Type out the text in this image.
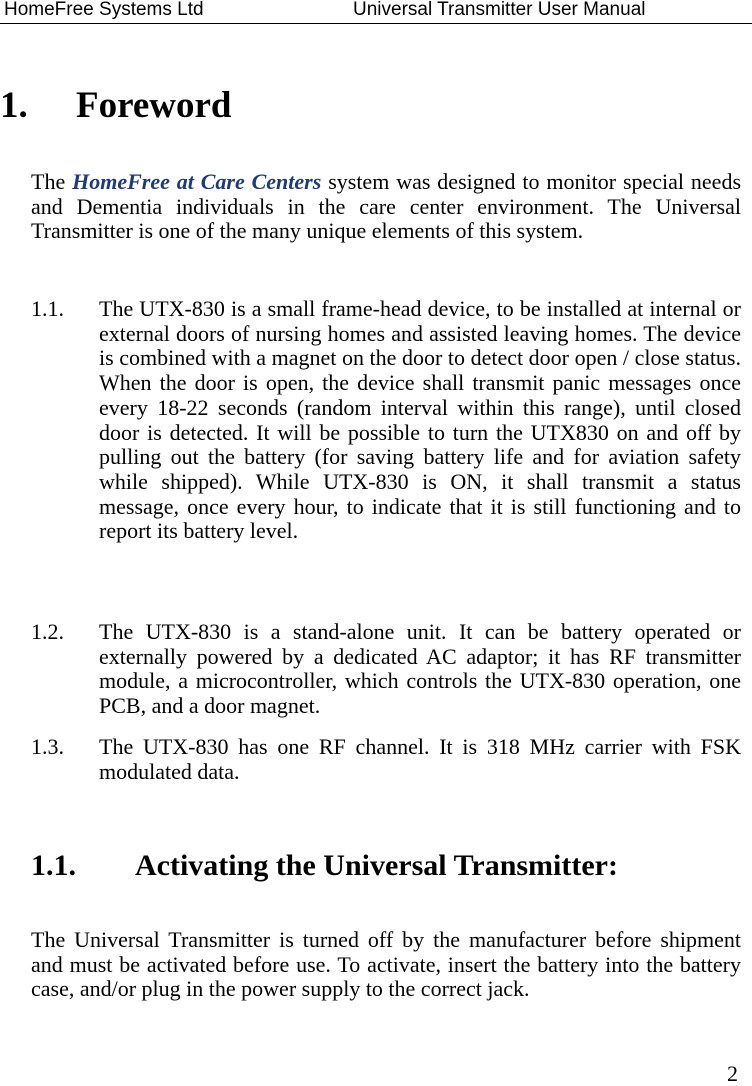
HomeFree Systems Ltd	Universal Transmitter User Manual
1. Foreword

The HomeFree at Care Centers system was designed to monitor special needs and Dementia individuals in the care center environment. The Universal Transmitter is one of the many unique elements of this system.

1.1. The UTX-830 is a small frame-head device, to be installed at internal or external doors of nursing homes and assisted leaving homes. The device is combined with a magnet on the door to detect door open / close status. When the door is open, the device shall transmit panic messages once every 18-22 seconds (random interval within this range), until closed door is detected. It will be possible to turn the UTX830 on and off by pulling out the battery (for saving battery life and for aviation safety while shipped). While UTX-830 is ON, it shall transmit a status message, once every hour, to indicate that it is still functioning and to report its battery level.
1.2. The UTX-830 is a stand-alone unit. It can be battery operated or externally powered by a dedicated AC adaptor; it has RF transmitter module, a microcontroller, which controls the UTX-830 operation, one PCB, and a door magnet.
1.3. The UTX-830 has one RF channel. It is 318 MHz carrier with FSK modulated data.
1.1. Activating the Universal Transmitter:

The Universal Transmitter is turned off by the manufacturer before shipment and must be activated before use. To activate, insert the battery into the battery case, and/or plug in the power supply to the correct jack.

2
